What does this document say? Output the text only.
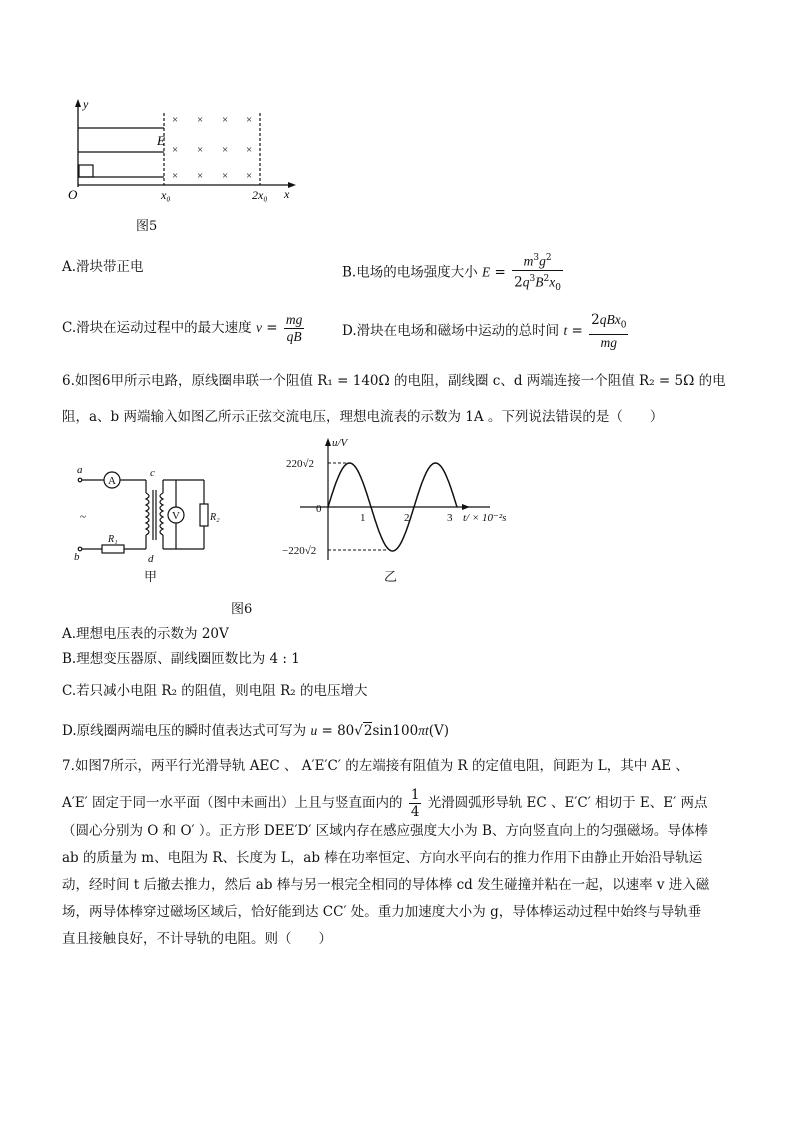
× × × ×
× × × ×
× × × ×
y
x
O
E
x₀	2x₀
图5
A.滑块带正电	B.电场的电场强度大小 $E = \frac{m^3g^2}{2q^3B^2x_0}$
C.滑块在运动过程中的最大速度 $v = \frac{mg}{qB}$	D.滑块在电场和磁场中运动的总时间 $t = \frac{2qBx_0}{mg}$
6.如图6甲所示电路，原线圈串联一个阻值 R₁ = 140Ω 的电阻，副线圈 c、d 两端连接一个阻值 R₂ = 5Ω 的电
阻，a、b 两端输入如图乙所示正弦交流电压，理想电流表的示数为 1A 。下列说法错误的是（　　）
a
b
c
d
A
V
R₁
R₂
~
甲
u/V
220√2
−220√2
0
1	2	3 t/ × 10⁻²s
乙
图6
A.理想电压表的示数为 20V
B.理想变压器原、副线圈匝数比为 4 : 1
C.若只减小电阻 R₂ 的阻值，则电阻 R₂ 的电压增大
D.原线圈两端电压的瞬时值表达式可写为 u = 80√2sin100πt(V)
7.如图7所示，两平行光滑导轨 AEC 、 A′E′C′ 的左端接有阻值为 R 的定值电阻，间距为 L，其中 AE 、
A′E′ 固定于同一水平面（图中未画出）上且与竖直面内的 $\frac{1}{4}$ 光滑圆弧形导轨 EC 、E′C′ 相切于 E、E′ 两点
（圆心分别为 O 和 O′ ）。正方形 DEE′D′ 区域内存在感应强度大小为 B、方向竖直向上的匀强磁场。导体棒
ab 的质量为 m、电阻为 R、长度为 L，ab 棒在功率恒定、方向水平向右的推力作用下由静止开始沿导轨运
动，经时间 t 后撤去推力，然后 ab 棒与另一根完全相同的导体棒 cd 发生碰撞并粘在一起，以速率 v 进入磁
场，两导体棒穿过磁场区域后，恰好能到达 CC′ 处。重力加速度大小为 g，导体棒运动过程中始终与导轨垂
直且接触良好，不计导轨的电阻。则（　　）
